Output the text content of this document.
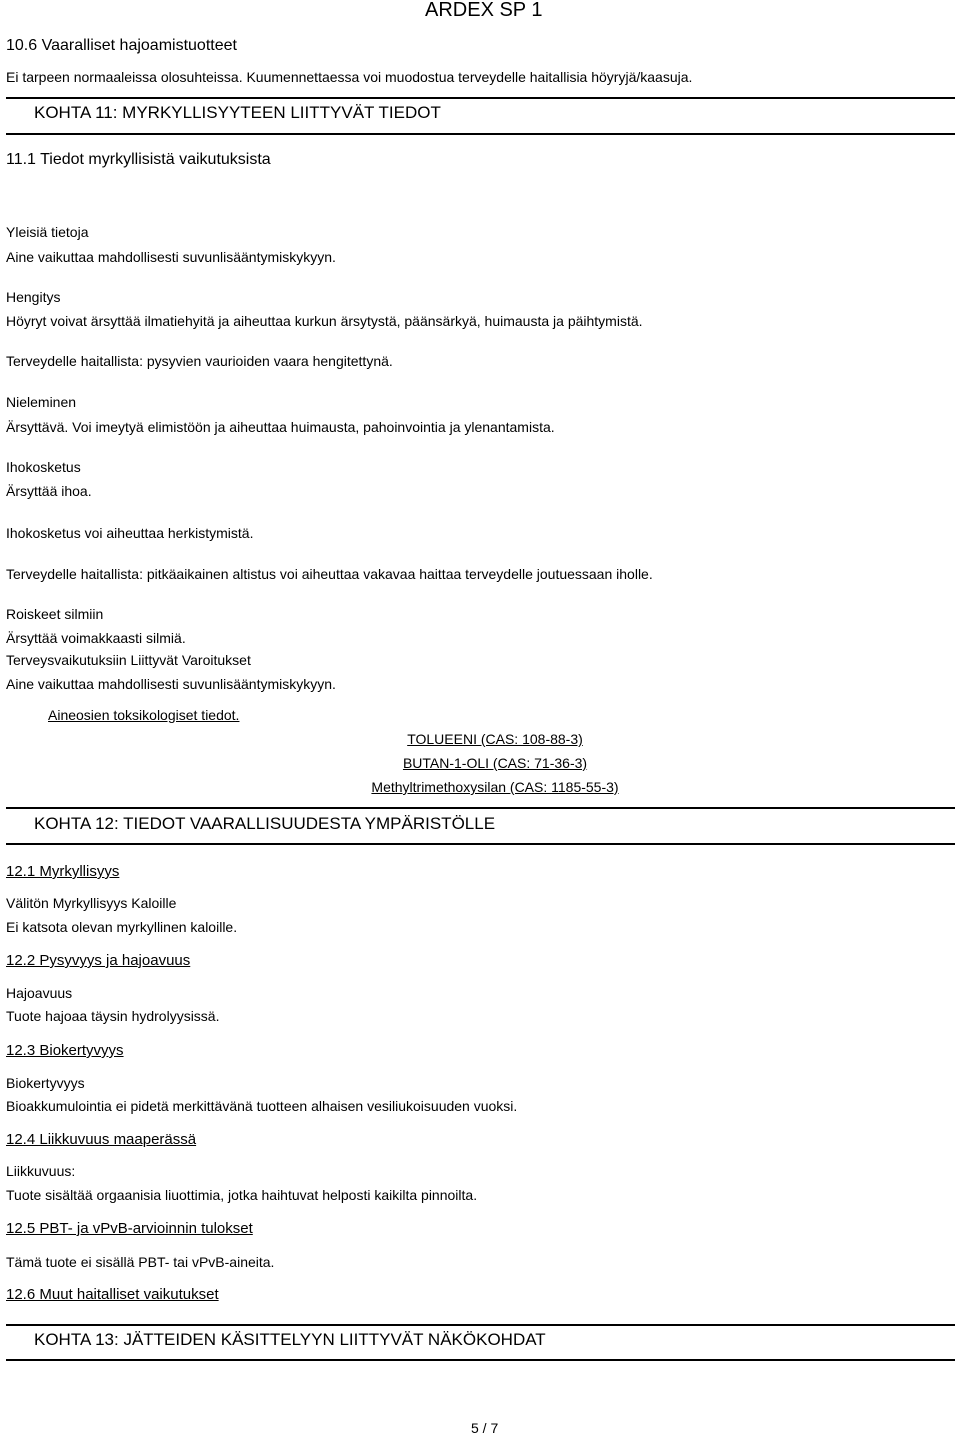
ARDEX SP 1
10.6 Vaaralliset hajoamistuotteet
Ei tarpeen normaaleissa olosuhteissa. Kuumennettaessa voi muodostua terveydelle haitallisia höyryjä/kaasuja.
KOHTA 11: MYRKYLLISYYTEEN LIITTYVÄT TIEDOT
11.1 Tiedot myrkyllisistä vaikutuksista
Yleisiä tietoja
Aine vaikuttaa mahdollisesti suvunlisääntymiskykyyn.
Hengitys
Höyryt voivat ärsyttää ilmatiehyitä ja aiheuttaa kurkun ärsytystä, päänsärkyä, huimausta ja päihtymistä.
Terveydelle haitallista: pysyvien vaurioiden vaara hengitettynä.
Nieleminen
Ärsyttävä. Voi imeytyä elimistöön ja aiheuttaa huimausta, pahoinvointia ja ylenantamista.
Ihokosketus
Ärsyttää ihoa.
Ihokosketus voi aiheuttaa herkistymistä.
Terveydelle haitallista: pitkäaikainen altistus voi aiheuttaa vakavaa haittaa terveydelle joutuessaan iholle.
Roiskeet silmiin
Ärsyttää voimakkaasti silmiä.
Terveysvaikutuksiin Liittyvät Varoitukset
Aine vaikuttaa mahdollisesti suvunlisääntymiskykyyn.
Aineosien toksikologiset tiedot.
TOLUEENI (CAS: 108-88-3)
BUTAN-1-OLI (CAS: 71-36-3)
Methyltrimethoxysilan (CAS: 1185-55-3)
KOHTA 12: TIEDOT VAARALLISUUDESTA YMPÄRISTÖLLE
12.1 Myrkyllisyys
Välitön Myrkyllisyys Kaloille
Ei katsota olevan myrkyllinen kaloille.
12.2 Pysyvyys ja hajoavuus
Hajoavuus
Tuote hajoaa täysin hydrolyysissä.
12.3 Biokertyvyys
Biokertyvyys
Bioakkumulointia ei pidetä merkittävänä tuotteen alhaisen vesiliukoisuuden vuoksi.
12.4 Liikkuvuus maaperässä
Liikkuvuus:
Tuote sisältää orgaanisia liuottimia, jotka haihtuvat helposti kaikilta pinnoilta.
12.5 PBT- ja vPvB-arvioinnin tulokset
Tämä tuote ei sisällä PBT- tai vPvB-aineita.
12.6 Muut haitalliset vaikutukset
KOHTA 13: JÄTTEIDEN KÄSITTELYYN LIITTYVÄT NÄKÖKOHDAT
5 / 7
